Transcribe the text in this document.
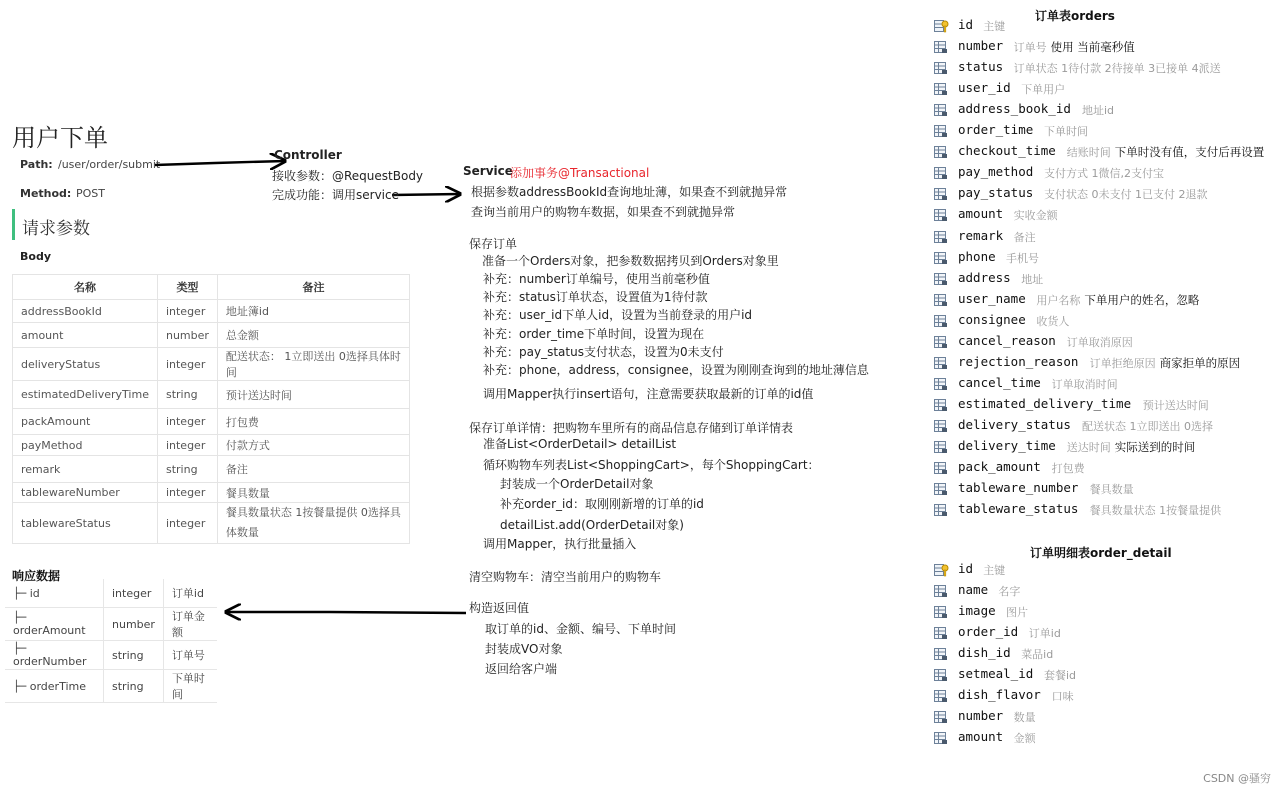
用户下单
Path: /user/order/submit
Method: POST
请求参数
Body
名称	类型	备注
addressBookId	integer	地址簿id
amount	number	总金额
deliveryStatus	integer	配送状态： 1立即送出 0选择具体时间
estimatedDeliveryTime	string	预计送达时间
packAmount	integer	打包费
payMethod	integer	付款方式
remark	string	备注
tablewareNumber	integer	餐具数量
tablewareStatus	integer	餐具数量状态 1按餐量提供 0选择具体数量
响应数据
├─ id	integer	订单id
├─ orderAmount	number	订单金额
├─ orderNumber	string	订单号
├─ orderTime	string	下单时间
Controller
接收参数：@RequestBody
完成功能：调用service
Service
添加事务@Transactional
根据参数addressBookId查询地址薄，如果查不到就抛异常
查询当前用户的购物车数据，如果查不到就抛异常
保存订单
准备一个Orders对象，把参数数据拷贝到Orders对象里
补充：number订单编号，使用当前毫秒值
补充：status订单状态，设置值为1待付款
补充：user_id下单人id，设置为当前登录的用户id
补充：order_time下单时间，设置为现在
补充：pay_status支付状态，设置为0未支付
补充：phone，address，consignee，设置为刚刚查询到的地址薄信息
调用Mapper执行insert语句，注意需要获取最新的订单的id值
保存订单详情：把购物车里所有的商品信息存储到订单详情表
准备List<OrderDetail> detailList
循环购物车列表List<ShoppingCart>，每个ShoppingCart：
封装成一个OrderDetail对象
补充order_id：取刚刚新增的订单的id
detailList.add(OrderDetail对象)
调用Mapper，执行批量插入
清空购物车：清空当前用户的购物车
构造返回值
取订单的id、金额、编号、下单时间
封装成VO对象
返回给客户端
订单表orders
id 主键
number 订单号 使用 当前毫秒值
status 订单状态 1待付款 2待接单 3已接单 4派送
user_id 下单用户
address_book_id 地址id
order_time 下单时间
checkout_time 结账时间 下单时没有值，支付后再设置
pay_method 支付方式 1微信,2支付宝
pay_status 支付状态 0未支付 1已支付 2退款
amount 实收金额
remark 备注
phone 手机号
address 地址
user_name 用户名称 下单用户的姓名，忽略
consignee 收货人
cancel_reason 订单取消原因
rejection_reason 订单拒绝原因 商家拒单的原因
cancel_time 订单取消时间
estimated_delivery_time 预计送达时间
delivery_status 配送状态 1立即送出 0选择
delivery_time 送达时间 实际送到的时间
pack_amount 打包费
tableware_number 餐具数量
tableware_status 餐具数量状态 1按餐量提供
订单明细表order_detail
id 主键
name 名字
image 图片
order_id 订单id
dish_id 菜品id
setmeal_id 套餐id
dish_flavor 口味
number 数量
amount 金额
CSDN @骚穷
